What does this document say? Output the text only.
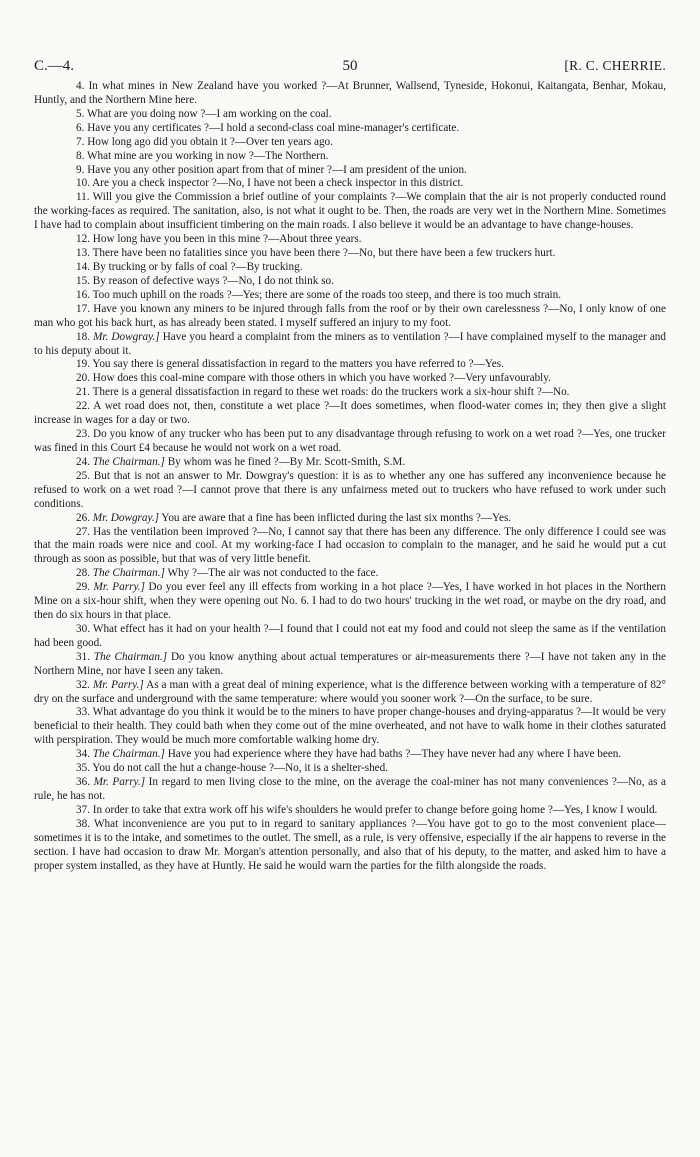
C.—4.	50	[R. C. CHERRIE.

4. In what mines in New Zealand have you worked ?—At Brunner, Wallsend, Tyneside, Hokonui, Kaitangata, Benhar, Mokau, Huntly, and the Northern Mine here.

5. What are you doing now ?—I am working on the coal.

6. Have you any certificates ?—I hold a second-class coal mine-manager's certificate.

7. How long ago did you obtain it ?—Over ten years ago.

8. What mine are you working in now ?—The Northern.

9. Have you any other position apart from that of miner ?—I am president of the union.

10. Are you a check inspector ?—No, I have not been a check inspector in this district.

11. Will you give the Commission a brief outline of your complaints ?—We complain that the air is not properly conducted round the working-faces as required. The sanitation, also, is not what it ought to be. Then, the roads are very wet in the Northern Mine. Sometimes I have had to complain about insufficient timbering on the main roads. I also believe it would be an advantage to have change-houses.

12. How long have you been in this mine ?—About three years.

13. There have been no fatalities since you have been there ?—No, but there have been a few truckers hurt.

14. By trucking or by falls of coal ?—By trucking.

15. By reason of defective ways ?—No, I do not think so.

16. Too much uphill on the roads ?—Yes; there are some of the roads too steep, and there is too much strain.

17. Have you known any miners to be injured through falls from the roof or by their own carelessness ?—No, I only know of one man who got his back hurt, as has already been stated. I myself suffered an injury to my foot.

18. Mr. Dowgray.] Have you heard a complaint from the miners as to ventilation ?—I have complained myself to the manager and to his deputy about it.

19. You say there is general dissatisfaction in regard to the matters you have referred to ?—Yes.

20. How does this coal-mine compare with those others in which you have worked ?—Very unfavourably.

21. There is a general dissatisfaction in regard to these wet roads: do the truckers work a six-hour shift ?—No.

22. A wet road does not, then, constitute a wet place ?—It does sometimes, when flood-water comes in; they then give a slight increase in wages for a day or two.

23. Do you know of any trucker who has been put to any disadvantage through refusing to work on a wet road ?—Yes, one trucker was fined in this Court £4 because he would not work on a wet road.

24. The Chairman.] By whom was he fined ?—By Mr. Scott-Smith, S.M.

25. But that is not an answer to Mr. Dowgray's question: it is as to whether any one has suffered any inconvenience because he refused to work on a wet road ?—I cannot prove that there is any unfairness meted out to truckers who have refused to work under such conditions.

26. Mr. Dowgray.] You are aware that a fine has been inflicted during the last six months ?—Yes.

27. Has the ventilation been improved ?—No, I cannot say that there has been any difference. The only difference I could see was that the main roads were nice and cool. At my working-face I had occasion to complain to the manager, and he said he would put a cut through as soon as possible, but that was of very little benefit.

28. The Chairman.] Why ?—The air was not conducted to the face.

29. Mr. Parry.] Do you ever feel any ill effects from working in a hot place ?—Yes, I have worked in hot places in the Northern Mine on a six-hour shift, when they were opening out No. 6. I had to do two hours' trucking in the wet road, or maybe on the dry road, and then do six hours in that place.

30. What effect has it had on your health ?—I found that I could not eat my food and could not sleep the same as if the ventilation had been good.

31. The Chairman.] Do you know anything about actual temperatures or air-measurements there ?—I have not taken any in the Northern Mine, nor have I seen any taken.

32. Mr. Parry.] As a man with a great deal of mining experience, what is the difference between working with a temperature of 82° dry on the surface and underground with the same temperature: where would you sooner work ?—On the surface, to be sure.

33. What advantage do you think it would be to the miners to have proper change-houses and drying-apparatus ?—It would be very beneficial to their health. They could bath when they come out of the mine overheated, and not have to walk home in their clothes saturated with perspiration. They would be much more comfortable walking home dry.

34. The Chairman.] Have you had experience where they have had baths ?—They have never had any where I have been.

35. You do not call the hut a change-house ?—No, it is a shelter-shed.

36. Mr. Parry.] In regard to men living close to the mine, on the average the coal-miner has not many conveniences ?—No, as a rule, he has not.

37. In order to take that extra work off his wife's shoulders he would prefer to change before going home ?—Yes, I know I would.

38. What inconvenience are you put to in regard to sanitary appliances ?—You have got to go to the most convenient place—sometimes it is to the intake, and sometimes to the outlet. The smell, as a rule, is very offensive, especially if the air happens to reverse in the section. I have had occasion to draw Mr. Morgan's attention personally, and also that of his deputy, to the matter, and asked him to have a proper system installed, as they have at Huntly. He said he would warn the parties for the filth alongside the roads.
